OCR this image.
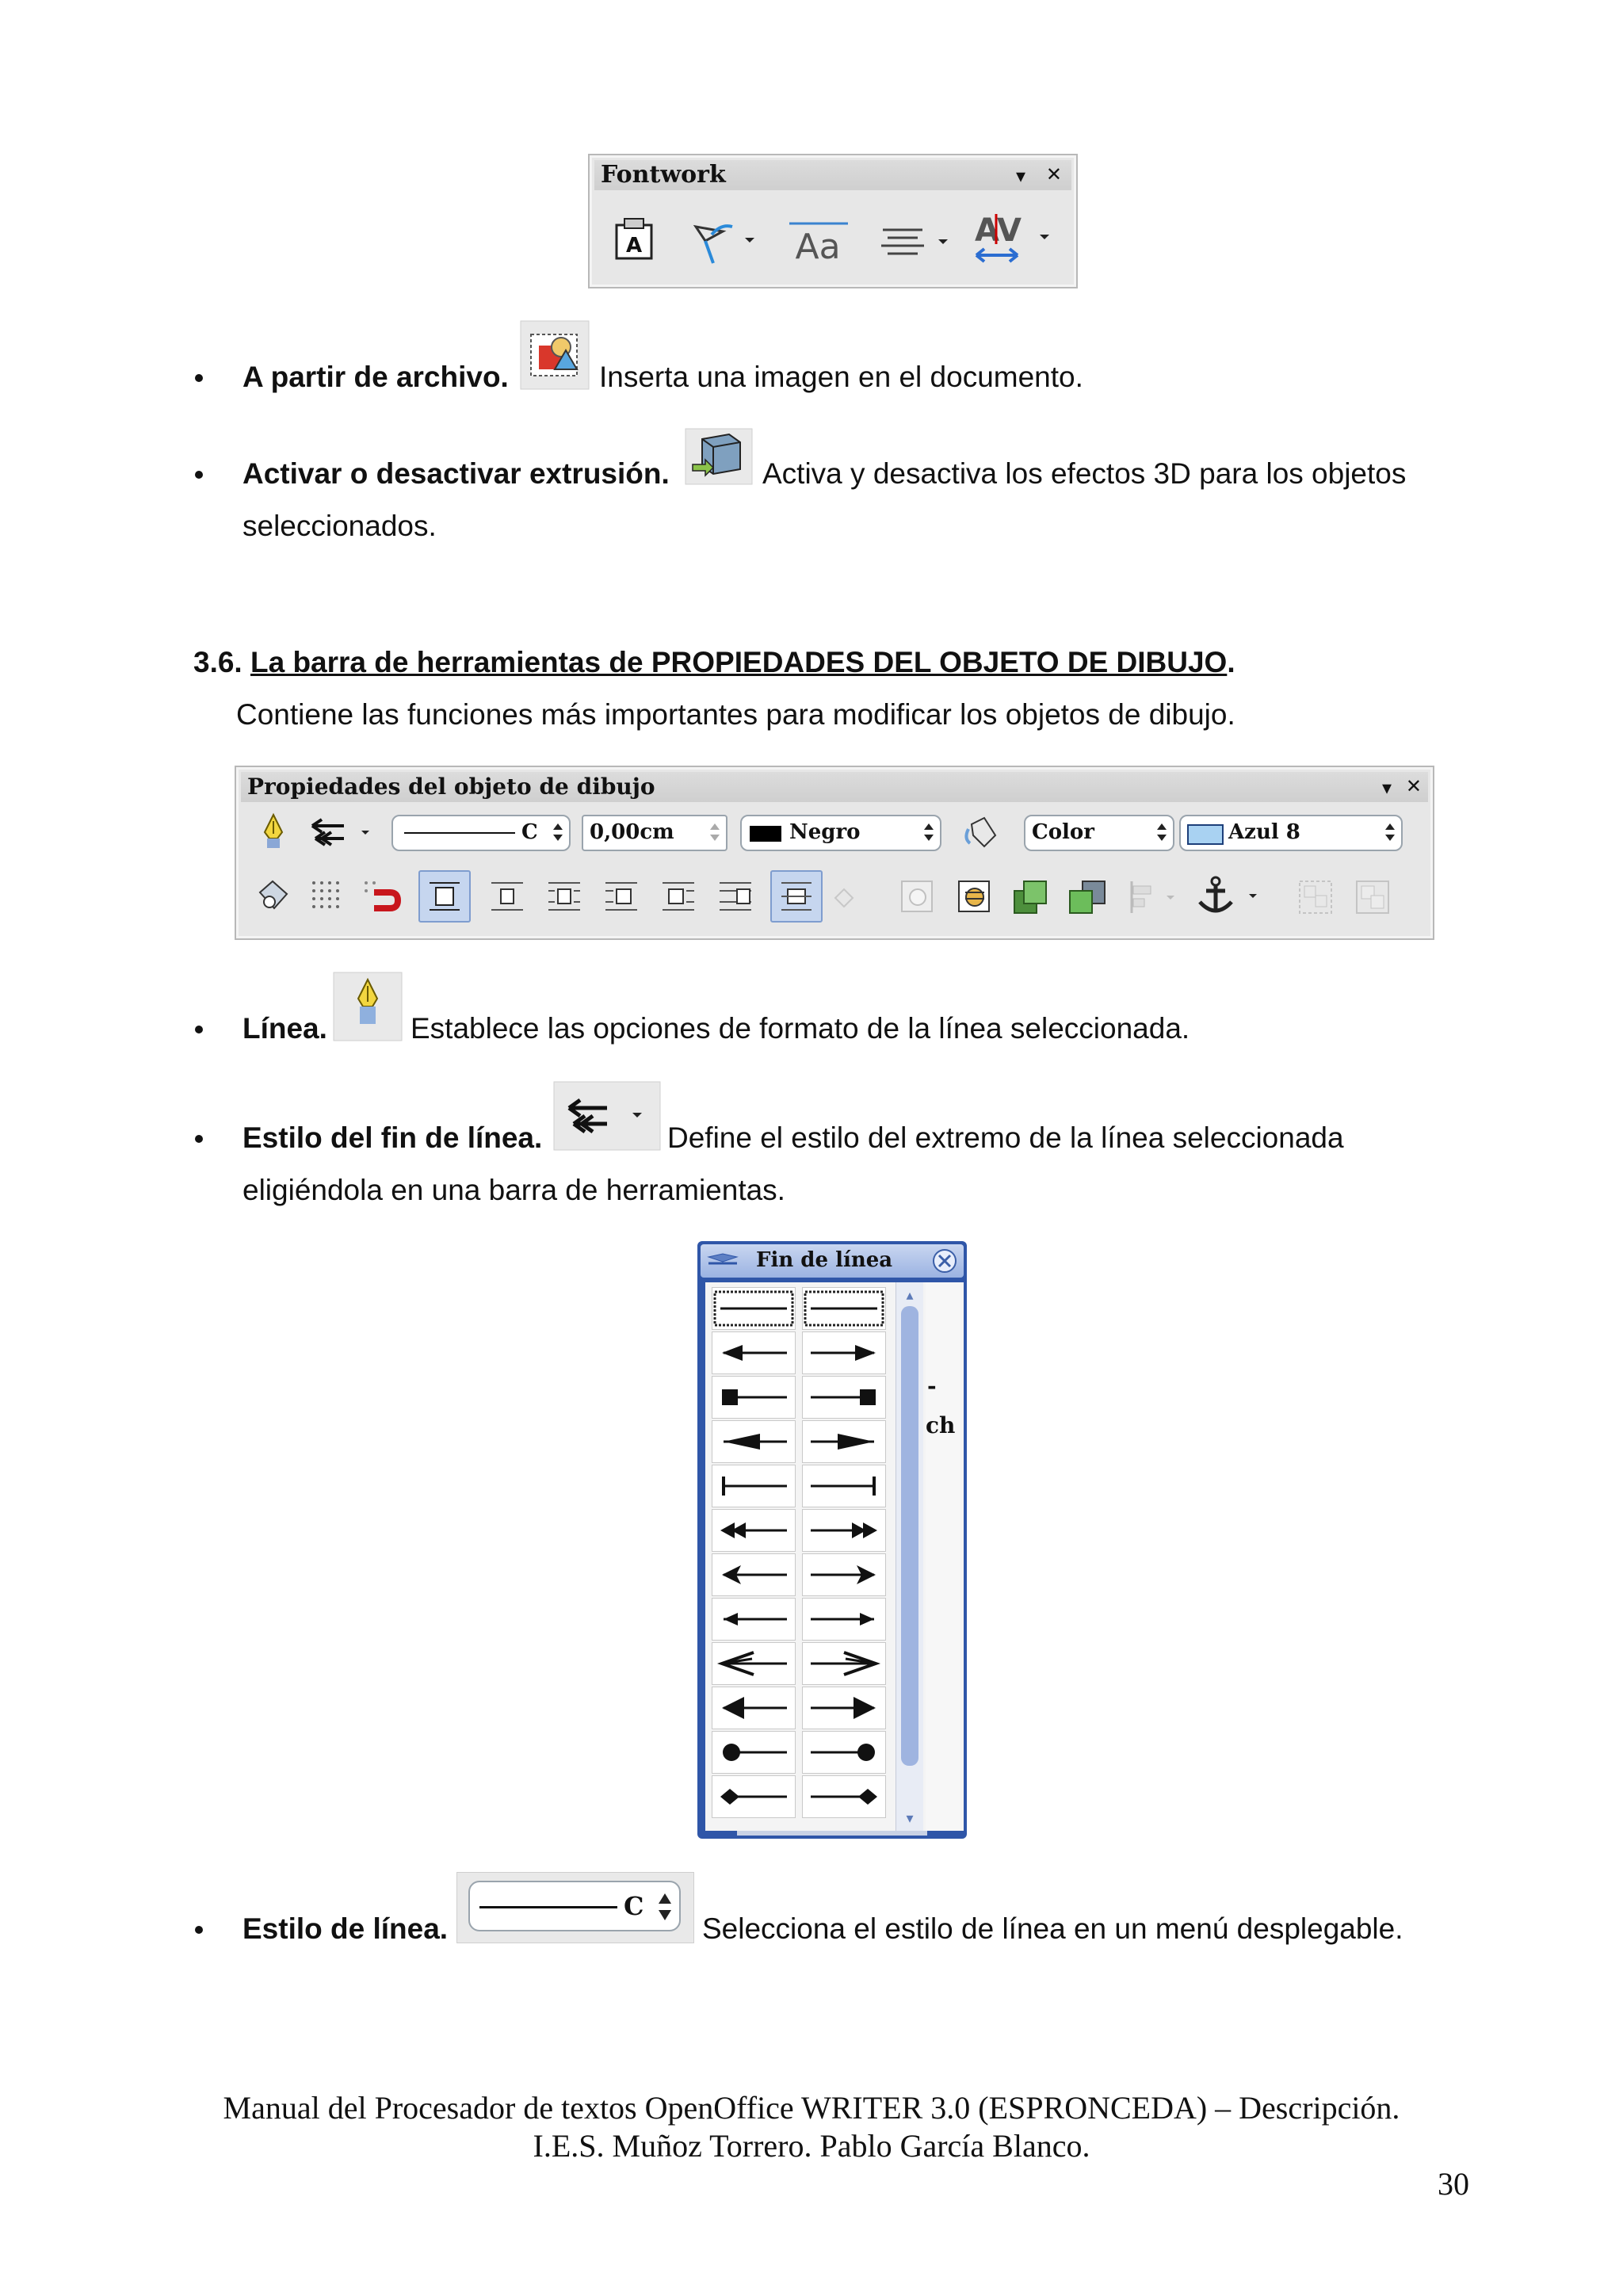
Fontwork	▾ ✕
A	Aa	A
V
A partir de archivo.	Inserta una imagen en el documento.
Activar o desactivar extrusión.	Activa y desactiva los efectos 3D para los objetos
seleccionados.
3.6. La barra de herramientas de PROPIEDADES DEL OBJETO DE DIBUJO.
Contiene las funciones más importantes para modificar los objetos de dibujo.
Propiedades del objeto de dibujo	▾ ✕
C	0,00cm	Negro	Color	Azul 8
Línea.	Establece las opciones de formato de la línea seleccionada.
Estilo del fin de línea.	Define el estilo del extremo de la línea seleccionada
eligiéndola en una barra de herramientas.
Fin de línea
▴
▾
-
ch
Estilo de línea.
C
Selecciona el estilo de línea en un menú desplegable.
Manual del Procesador de textos OpenOffice WRITER 3.0 (ESPRONCEDA) – Descripción.
I.E.S. Muñoz Torrero. Pablo García Blanco.
30
